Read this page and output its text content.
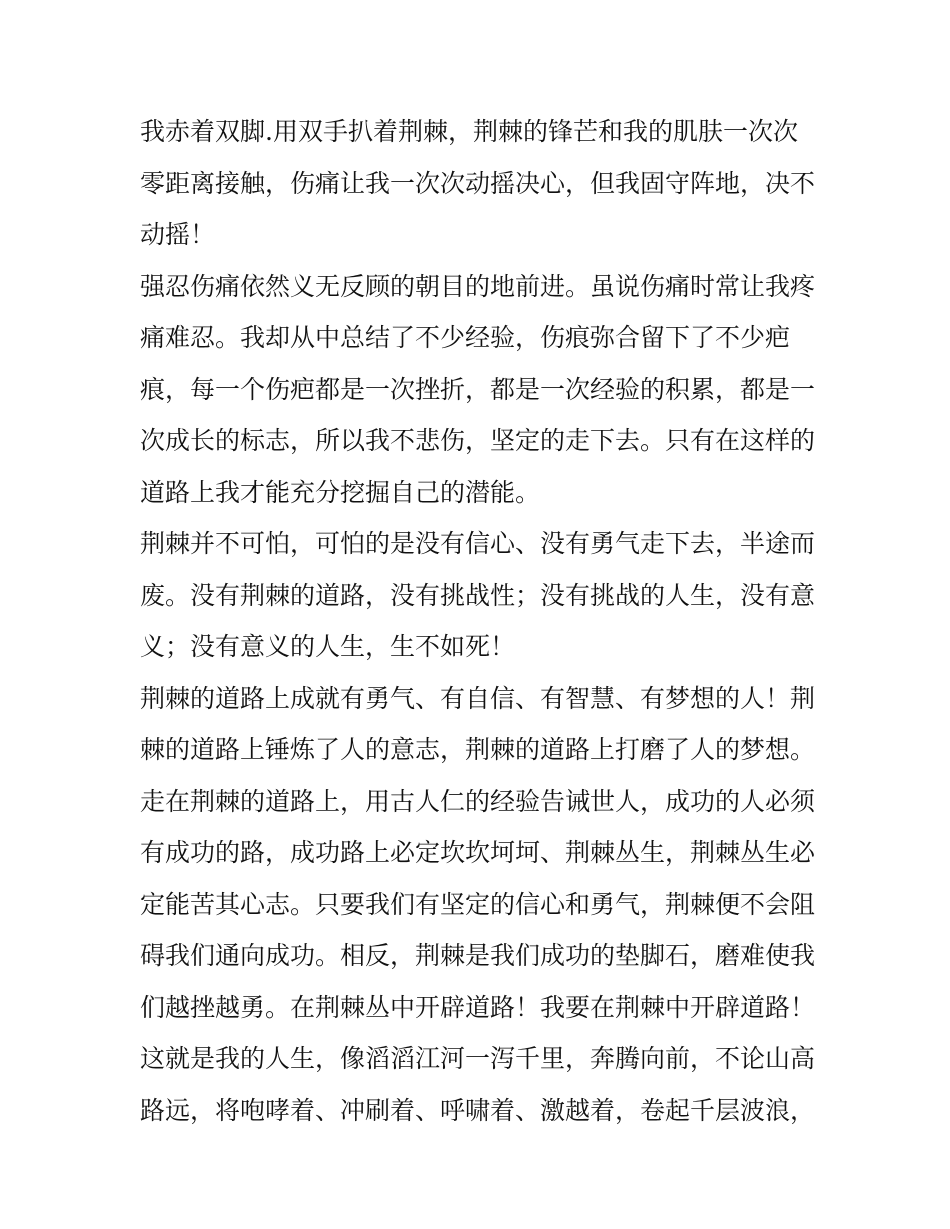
我赤着双脚.用双手扒着荆棘，荆棘的锋芒和我的肌肤一次次
零距离接触，伤痛让我一次次动摇决心，但我固守阵地，决不
动摇！
强忍伤痛依然义无反顾的朝目的地前进。虽说伤痛时常让我疼
痛难忍。我却从中总结了不少经验，伤痕弥合留下了不少疤
痕，每一个伤疤都是一次挫折，都是一次经验的积累，都是一
次成长的标志，所以我不悲伤，坚定的走下去。只有在这样的
道路上我才能充分挖掘自己的潜能。
荆棘并不可怕，可怕的是没有信心、没有勇气走下去，半途而
废。没有荆棘的道路，没有挑战性；没有挑战的人生，没有意
义；没有意义的人生，生不如死！
荆棘的道路上成就有勇气、有自信、有智慧、有梦想的人！荆
棘的道路上锤炼了人的意志，荆棘的道路上打磨了人的梦想。
走在荆棘的道路上，用古人仁的经验告诫世人，成功的人必须
有成功的路，成功路上必定坎坎坷坷、荆棘丛生，荆棘丛生必
定能苦其心志。只要我们有坚定的信心和勇气，荆棘便不会阻
碍我们通向成功。相反，荆棘是我们成功的垫脚石，磨难使我
们越挫越勇。在荆棘丛中开辟道路！我要在荆棘中开辟道路！
这就是我的人生，像滔滔江河一泻千里，奔腾向前，不论山高
路远，将咆哮着、冲刷着、呼啸着、激越着，卷起千层波浪，
